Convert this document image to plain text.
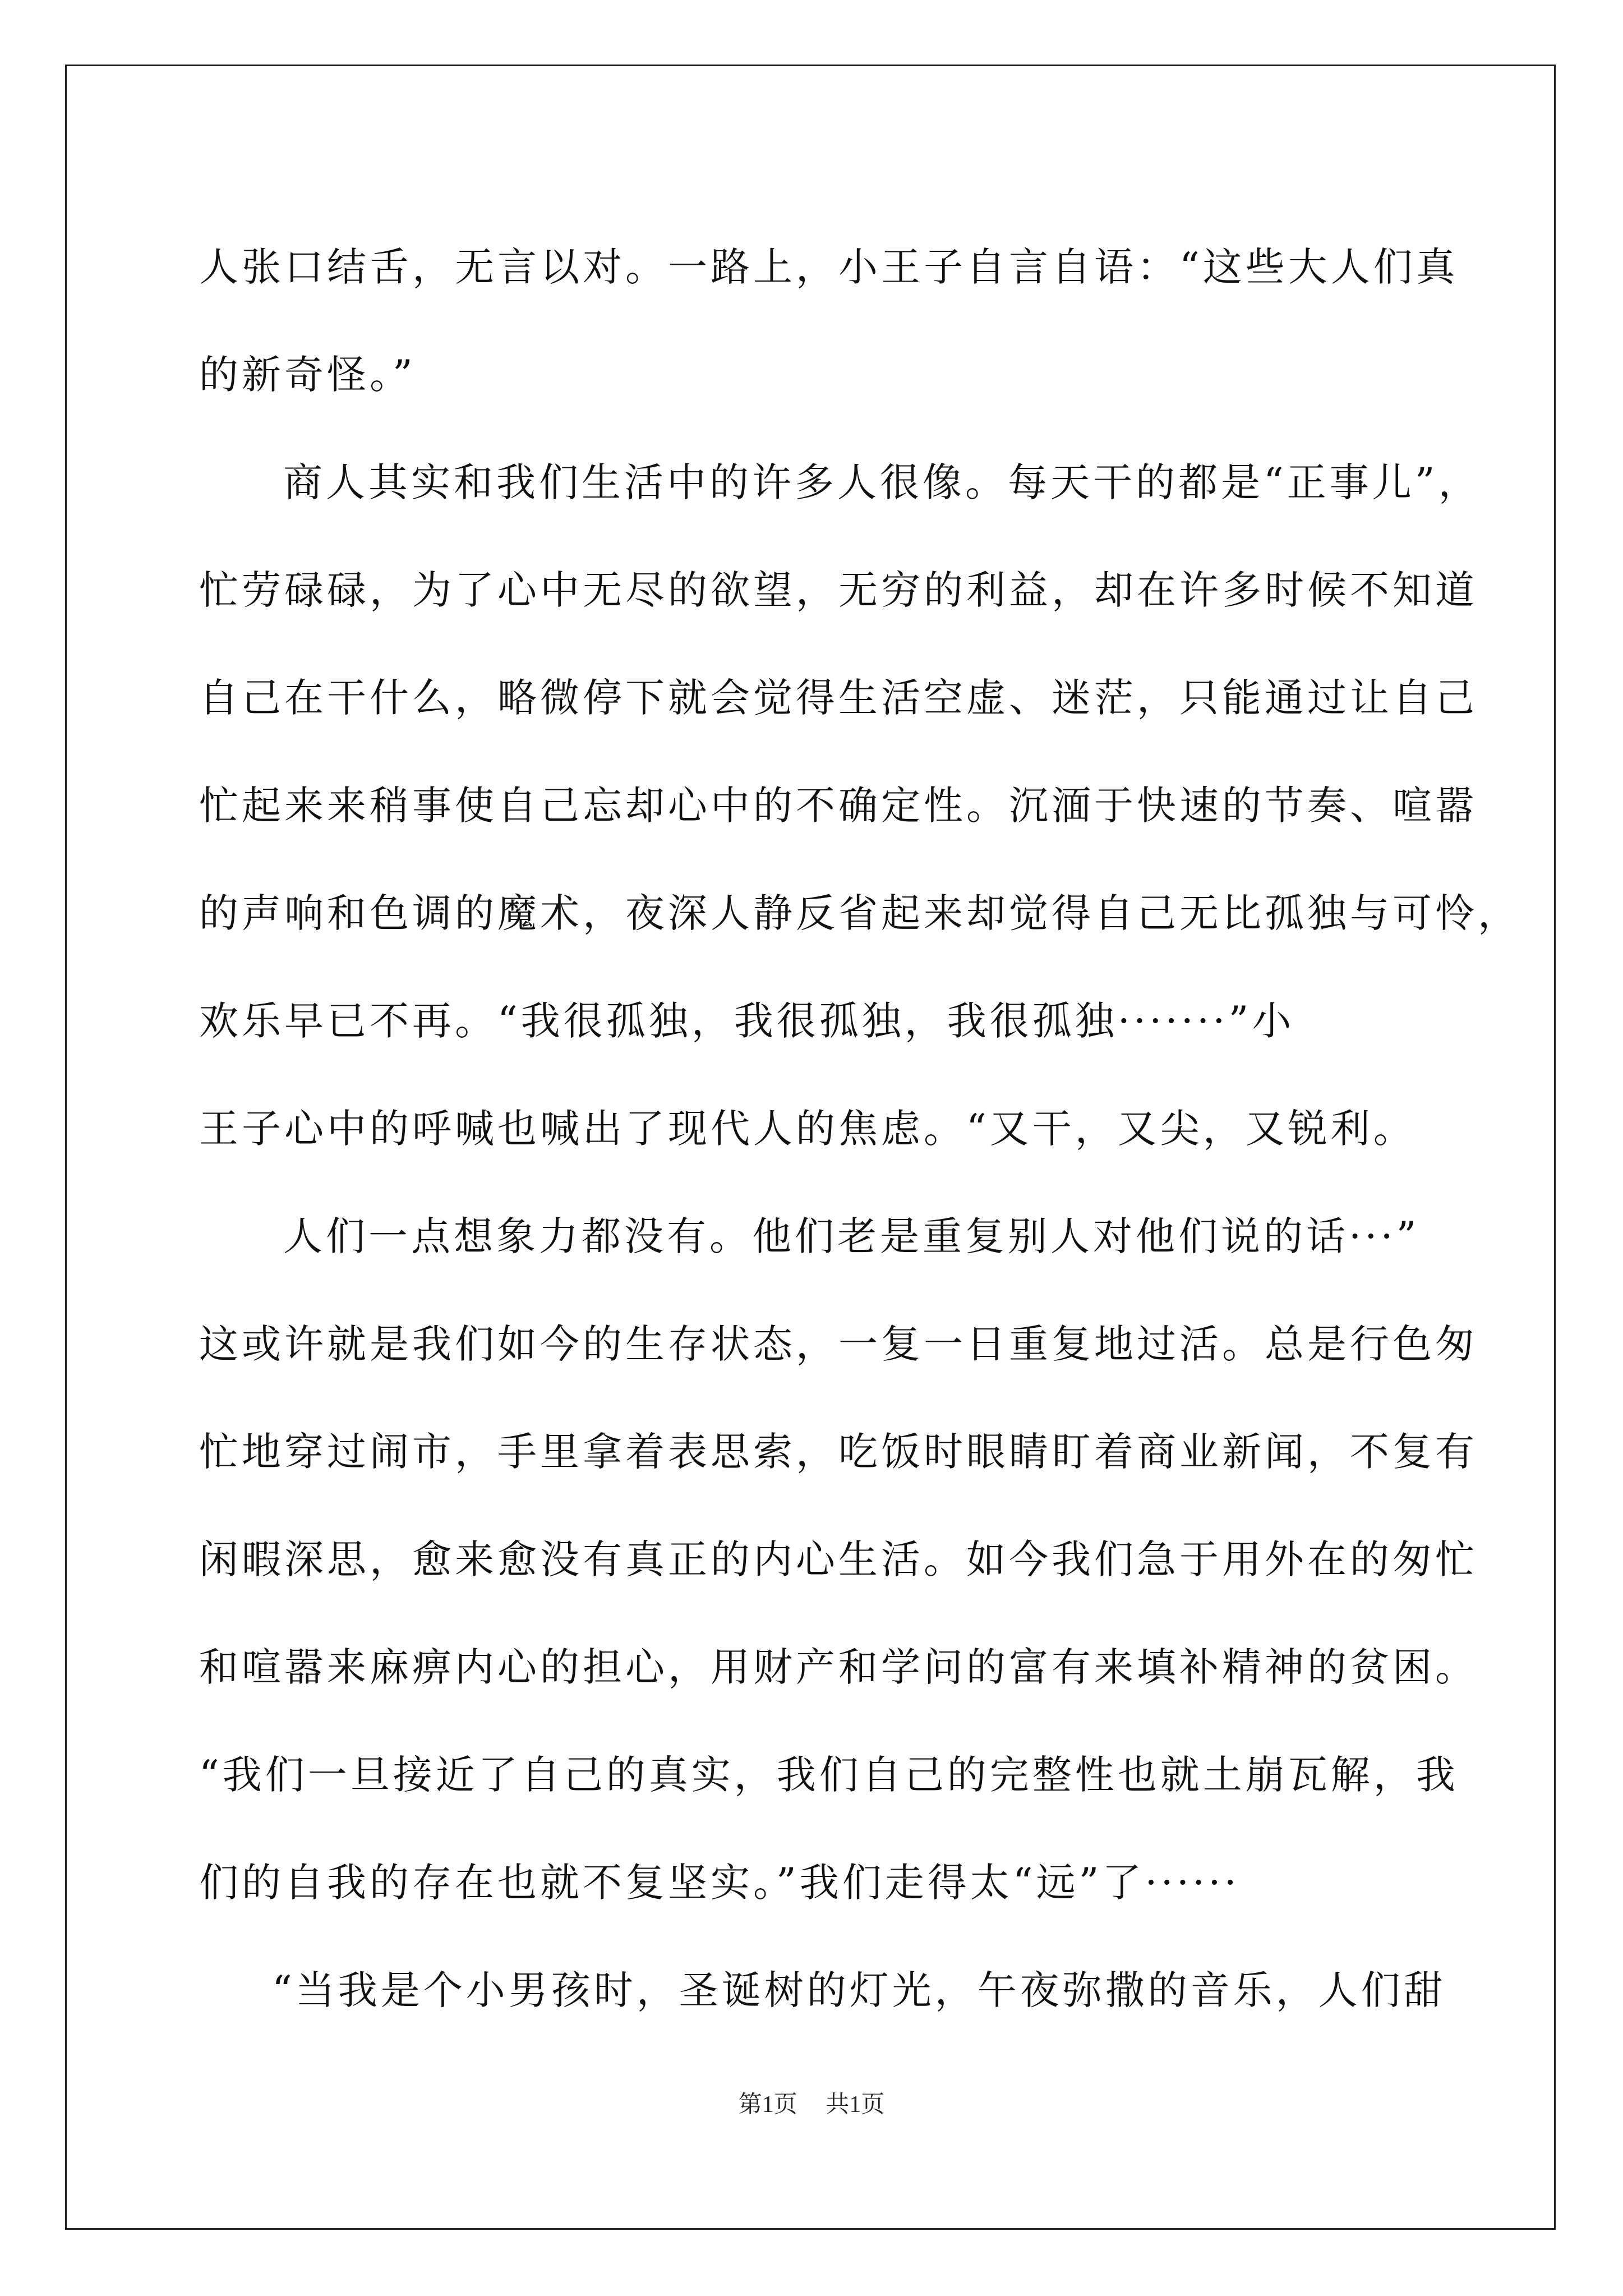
人张口结舌，无言以对。一路上，小王子自言自语：“这些大人们真
的新奇怪。”
商人其实和我们生活中的许多人很像。每天干的都是“正事儿”，
忙劳碌碌，为了心中无尽的欲望，无穷的利益，却在许多时候不知道
自己在干什么，略微停下就会觉得生活空虚、迷茫，只能通过让自己
忙起来来稍事使自己忘却心中的不确定性。沉湎于快速的节奏、喧嚣
的声响和色调的魔术，夜深人静反省起来却觉得自己无比孤独与可怜，
欢乐早已不再。“我很孤独，我很孤独，我很孤独·······”小
王子心中的呼喊也喊出了现代人的焦虑。“又干，又尖，又锐利。
人们一点想象力都没有。他们老是重复别人对他们说的话···”
这或许就是我们如今的生存状态，一复一日重复地过活。总是行色匆
忙地穿过闹市，手里拿着表思索，吃饭时眼睛盯着商业新闻，不复有
闲暇深思，愈来愈没有真正的内心生活。如今我们急于用外在的匆忙
和喧嚣来麻痹内心的担心，用财产和学问的富有来填补精神的贫困。
“我们一旦接近了自己的真实，我们自己的完整性也就土崩瓦解，我
们的自我的存在也就不复坚实。”我们走得太“远”了······
“当我是个小男孩时，圣诞树的灯光，午夜弥撒的音乐，人们甜
第1页 共1页
